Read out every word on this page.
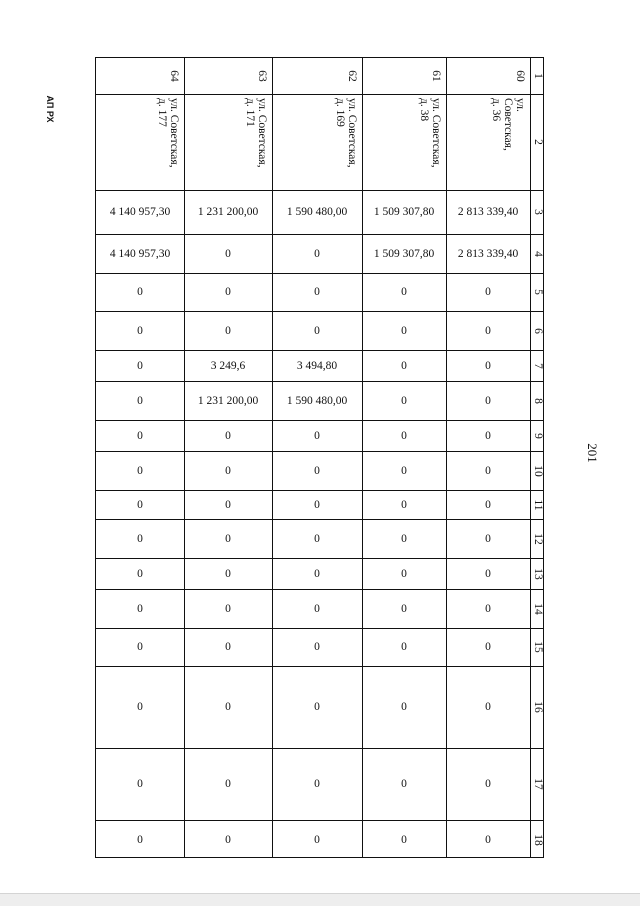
201
АП РХ
1
2
3
4
5
6
7
8
9
10
11
12
13
14
15
16
17
18
60
ул. Советская,
д. 36
2 813 339,40
2 813 339,40
0
0
0
0
0
0
0
0
0
0
0
0
0
0
61
ул. Советская,
д. 38
1 509 307,80
1 509 307,80
0
0
0
0
0
0
0
0
0
0
0
0
0
0
62
ул. Советская,
д. 169
1 590 480,00
0
0
0
3 494,80
1 590 480,00
0
0
0
0
0
0
0
0
0
0
63
ул. Советская,
д. 171
1 231 200,00
0
0
0
3 249,6
1 231 200,00
0
0
0
0
0
0
0
0
0
0
64
ул. Советская,
д. 177
4 140 957,30
4 140 957,30
0
0
0
0
0
0
0
0
0
0
0
0
0
0
